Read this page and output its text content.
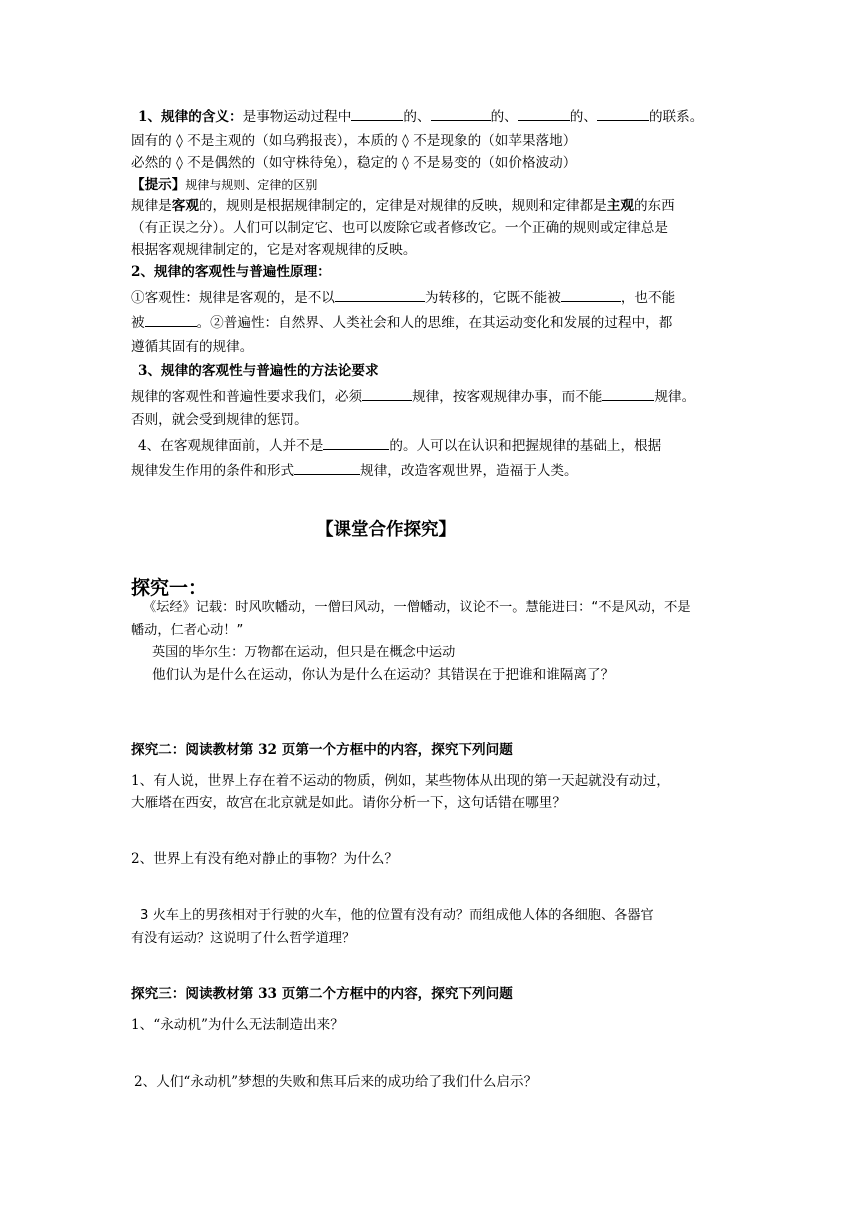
1、规律的含义：是事物运动过程中	的、	的、	的、	的联系。
固有的 ◊ 不是主观的（如乌鸦报丧），本质的 ◊ 不是现象的（如苹果落地）
必然的 ◊ 不是偶然的（如守株待兔），稳定的 ◊ 不是易变的（如价格波动）
【提示】规律与规则、定律的区别
规律是客观的，规则是根据规律制定的，定律是对规律的反映，规则和定律都是主观的东西
（有正误之分）。人们可以制定它、也可以废除它或者修改它。一个正确的规则或定律总是
根据客观规律制定的，它是对客观规律的反映。
2、规律的客观性与普遍性原理：
①客观性：规律是客观的，是不以	为转移的，它既不能被	，也不能
被	。②普遍性：自然界、人类社会和人的思维，在其运动变化和发展的过程中，都
遵循其固有的规律。
3、规律的客观性与普遍性的方法论要求
规律的客观性和普遍性要求我们，必须	规律，按客观规律办事，而不能	规律。
否则，就会受到规律的惩罚。
4、在客观规律面前，人并不是	的。人可以在认识和把握规律的基础上，根据
规律发生作用的条件和形式	规律，改造客观世界，造福于人类。
【课堂合作探究】
探究一：
《坛经》记载：时风吹幡动，一僧曰风动，一僧幡动，议论不一。慧能进曰：“不是风动，不是
幡动，仁者心动！”
英国的毕尔生：万物都在运动，但只是在概念中运动
他们认为是什么在运动，你认为是什么在运动？其错误在于把谁和谁隔离了？
探究二：阅读教材第 32 页第一个方框中的内容，探究下列问题
1、有人说，世界上存在着不运动的物质，例如，某些物体从出现的第一天起就没有动过，
大雁塔在西安，故宫在北京就是如此。请你分析一下，这句话错在哪里？
2、世界上有没有绝对静止的事物？为什么？
3 火车上的男孩相对于行驶的火车，他的位置有没有动？而组成他人体的各细胞、各器官
有没有运动？这说明了什么哲学道理？
探究三：阅读教材第 33 页第二个方框中的内容，探究下列问题
1、“永动机”为什么无法制造出来？
2、人们“永动机”梦想的失败和焦耳后来的成功给了我们什么启示？
